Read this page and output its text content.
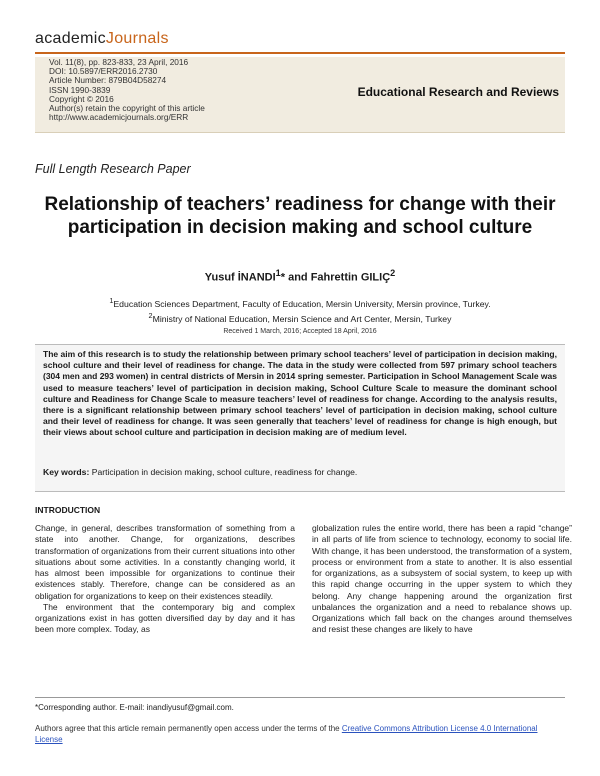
academicJournals
Vol. 11(8), pp. 823-833, 23 April, 2016
DOI: 10.5897/ERR2016.2730
Article Number: 879B04D58274
ISSN 1990-3839
Copyright © 2016
Author(s) retain the copyright of this article
http://www.academicjournals.org/ERR
Educational Research and Reviews
Full Length Research Paper
Relationship of teachers’ readiness for change with their participation in decision making and school culture
Yusuf İNANDI$^1$* and Fahrettin GILIÇ$^2$
$^1$Education Sciences Department, Faculty of Education, Mersin University, Mersin province, Turkey.
$^2$Ministry of National Education, Mersin Science and Art Center, Mersin, Turkey
Received 1 March, 2016; Accepted 18 April, 2016
The aim of this research is to study the relationship between primary school teachers’ level of participation in decision making, school culture and their level of readiness for change. The data in the study were collected from 597 primary school teachers (304 men and 293 women) in central districts of Mersin in 2014 spring semester. Participation in School Management Scale was used to measure teachers’ level of participation in decision making, School Culture Scale to measure the dominant school culture and Readiness for Change Scale to measure teachers’ level of readiness for change. According to the analysis results, there is a significant relationship between primary school teachers’ level of participation in decision making, school culture and their level of readiness for change. It was seen generally that teachers’ level of readiness for change is high enough, but their views about school culture and participation in decision making are of medium level.
Key words: Participation in decision making, school culture, readiness for change.
INTRODUCTION

Change, in general, describes transformation of something from a state into another. Change, for organizations, describes transformation of organizations from their current situations into other situations about some activities. In a constantly changing world, it has almost been impossible for organizations to continue their existences stably. Therefore, change can be considered as an obligation for organizations to keep on their existences steadily.

The environment that the contemporary big and complex organizations exist in has gotten diversified day by day and it has been more complex. Today, as

globalization rules the entire world, there has been a rapid “change” in all parts of life from science to technology, economy to social life. With change, it has been understood, the transformation of a system, process or environment from a state to another. It is also essential for organizations, as a subsystem of social system, to keep up with this rapid change occurring in the upper system to which they belong. Any change happening around the organization first unbalances the organization and a need to rebalance shows up. Organizations which fall back on the changes around themselves and resist these changes are likely to have

*Corresponding author. E-mail: inandiyusuf@gmail.com.
Authors agree that this article remain permanently open access under the terms of the Creative Commons Attribution License 4.0 International License
